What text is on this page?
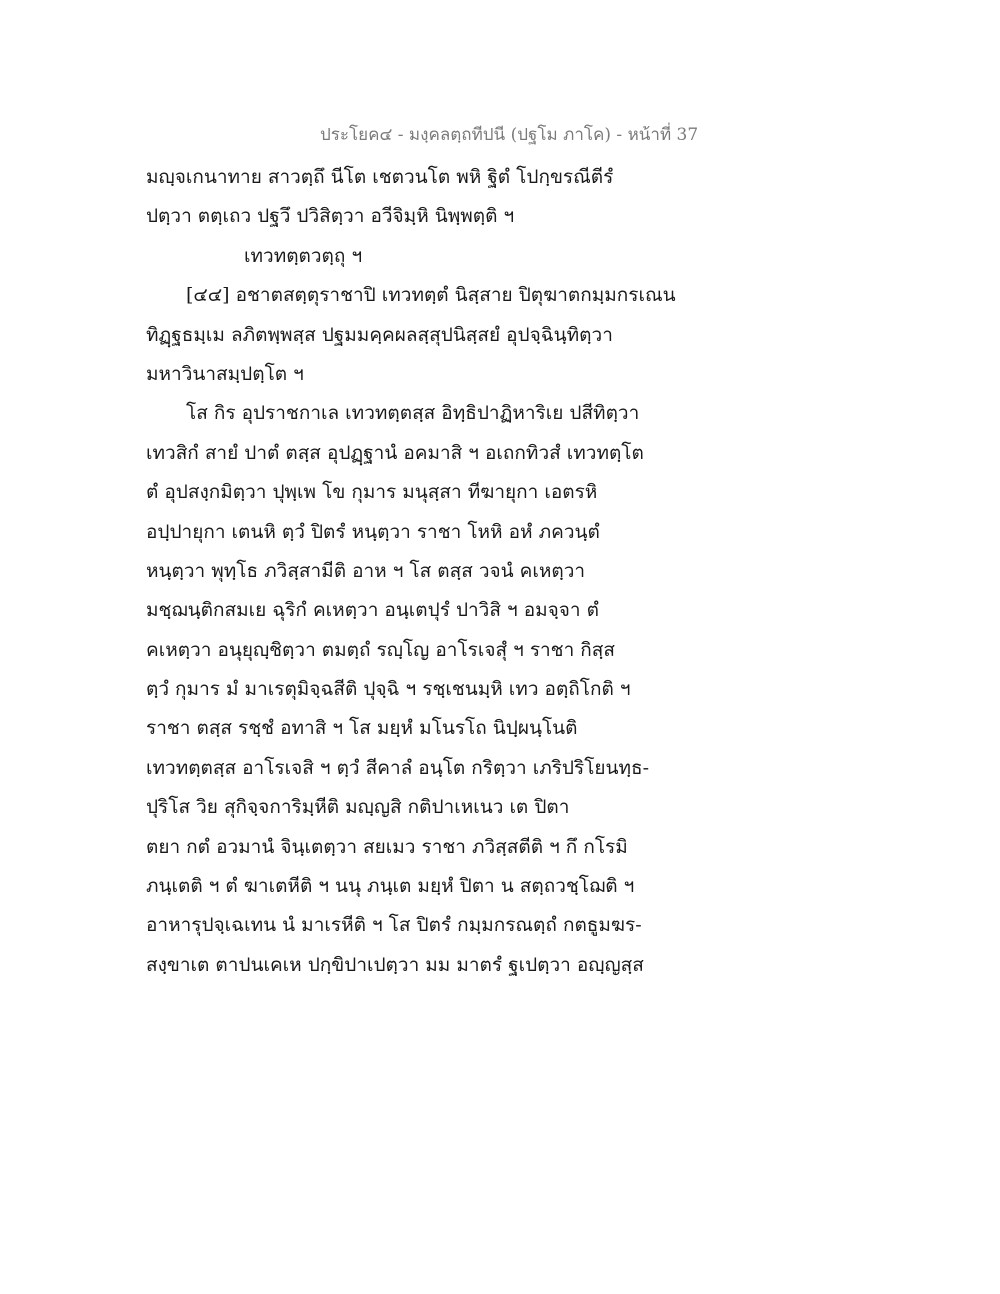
ประโยค๔ - มงฺคลตฺถทีปนี (ปฐโม ภาโค) - หน้าที่ 37
มญฺจเกนาทาย สาวตฺถึ นีโต เชตวนโต พหิ ฐิตํ โปกฺขรณีตีรํ
ปตฺวา ตตฺเถว ปฐวึ ปวิสิตฺวา อวีจิมฺหิ นิพฺพตฺติ ฯ
เทวทตฺตวตฺถุ ฯ
[๔๔] อชาตสตฺตุราชาปิ เทวทตฺตํ นิสฺสาย ปิตุฆาตกมฺมกรเณน
ทิฏฺฐธมฺเม ลภิตพฺพสฺส ปฐมมคฺคผลสฺสุปนิสฺสยํ อุปจฺฉินฺทิตฺวา
มหาวินาสมฺปตฺโต ฯ
โส กิร อุปราชกาเล เทวทตฺตสฺส อิทฺธิปาฏิหาริเย ปสีทิตฺวา
เทวสิกํ สายํ ปาตํ ตสฺส อุปฏฺฐานํ อคมาสิ ฯ อเถกทิวสํ เทวทตฺโต
ตํ อุปสงฺกมิตฺวา ปุพฺเพ โข กุมาร มนุสฺสา ทีฆายุกา เอตรหิ
อปฺปายุกา เตนหิ ตฺวํ ปิตรํ หนฺตฺวา ราชา โหหิ อหํ ภควนฺตํ
หนฺตฺวา พุทฺโธ ภวิสฺสามีติ อาห ฯ โส ตสฺส วจนํ คเหตฺวา
มชฺฌนฺติกสมเย ฉุริกํ คเหตฺวา อนฺเตปุรํ ปาวิสิ ฯ อมจฺจา ตํ
คเหตฺวา อนุยุญฺชิตฺวา ตมตฺถํ รญฺโญ อาโรเจสุํ ฯ ราชา กิสฺส
ตฺวํ กุมาร มํ มาเรตุมิจฺฉสีติ ปุจฺฉิ ฯ รชฺเชนมฺหิ เทว อตฺถิโกติ ฯ
ราชา ตสฺส รชฺชํ อทาสิ ฯ โส มยฺหํ มโนรโถ นิปฺผนฺโนติ
เทวทตฺตสฺส อาโรเจสิ ฯ ตฺวํ สีคาลํ อนฺโต กริตฺวา เภริปริโยนทฺธ-
ปุริโส วิย สุกิจฺจการิมฺหีติ มญฺญสิ กติปาเหเนว เต ปิตา
ตยา กตํ อวมานํ จินฺเตตฺวา สยเมว ราชา ภวิสฺสตีติ ฯ กึ กโรมิ
ภนฺเตติ ฯ ตํ ฆาเตหีติ ฯ นนุ ภนฺเต มยฺหํ ปิตา น สตฺถวชฺโฌติ ฯ
อาหารุปจฺเฉเทน นํ มาเรหีติ ฯ โส ปิตรํ กมฺมกรณตฺถํ กตธูมฆร-
สงฺขาเต ตาปนเคเห ปกฺขิปาเปตฺวา มม มาตรํ ฐเปตฺวา อญฺญสฺส
